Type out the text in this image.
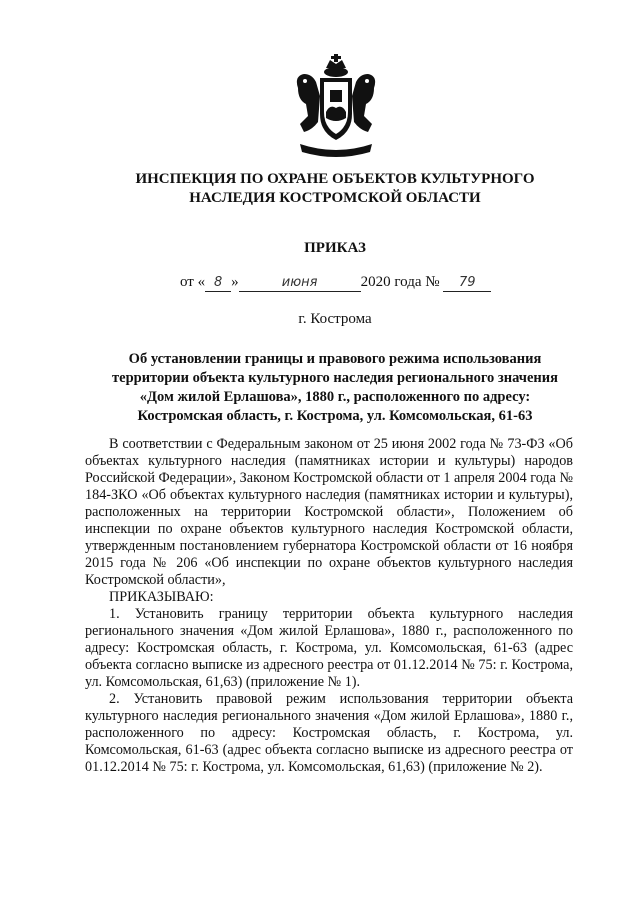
ИНСПЕКЦИЯ ПО ОХРАНЕ ОБЪЕКТОВ КУЛЬТУРНОГО
НАСЛЕДИЯ КОСТРОМСКОЙ ОБЛАСТИ
ПРИКАЗ
от « 8 »	июня	2020 года № 79
г. Кострома
Об установлении границы и правового режима использования
территории объекта культурного наследия регионального значения
«Дом жилой Ерлашова», 1880 г., расположенного по адресу:
Костромская область, г. Кострома, ул. Комсомольская, 61-63

В соответствии с Федеральным законом от 25 июня 2002 года № 73-ФЗ «Об объектах культурного наследия (памятниках истории и культуры) народов Российской Федерации», Законом Костромской области от 1 апреля 2004 года № 184-ЗКО «Об объектах культурного наследия (памятниках истории и культуры), расположенных на территории Костромской области», Положением об инспекции по охране объектов культурного наследия Костромской области, утвержденным постановлением губернатора Костромской области от 16 ноября 2015 года № 206 «Об инспекции по охране объектов культурного наследия Костромской области»,

ПРИКАЗЫВАЮ:

1. Установить границу территории объекта культурного наследия регионального значения «Дом жилой Ерлашова», 1880 г., расположенного по адресу: Костромская область, г. Кострома, ул. Комсомольская, 61-63 (адрес объекта согласно выписке из адресного реестра от 01.12.2014 № 75: г. Кострома, ул. Комсомольская, 61,63) (приложение № 1).

2. Установить правовой режим использования территории объекта культурного наследия регионального значения «Дом жилой Ерлашова», 1880 г., расположенного по адресу: Костромская область, г. Кострома, ул. Комсомольская, 61-63 (адрес объекта согласно выписке из адресного реестра от 01.12.2014 № 75: г. Кострома, ул. Комсомольская, 61,63) (приложение № 2).
